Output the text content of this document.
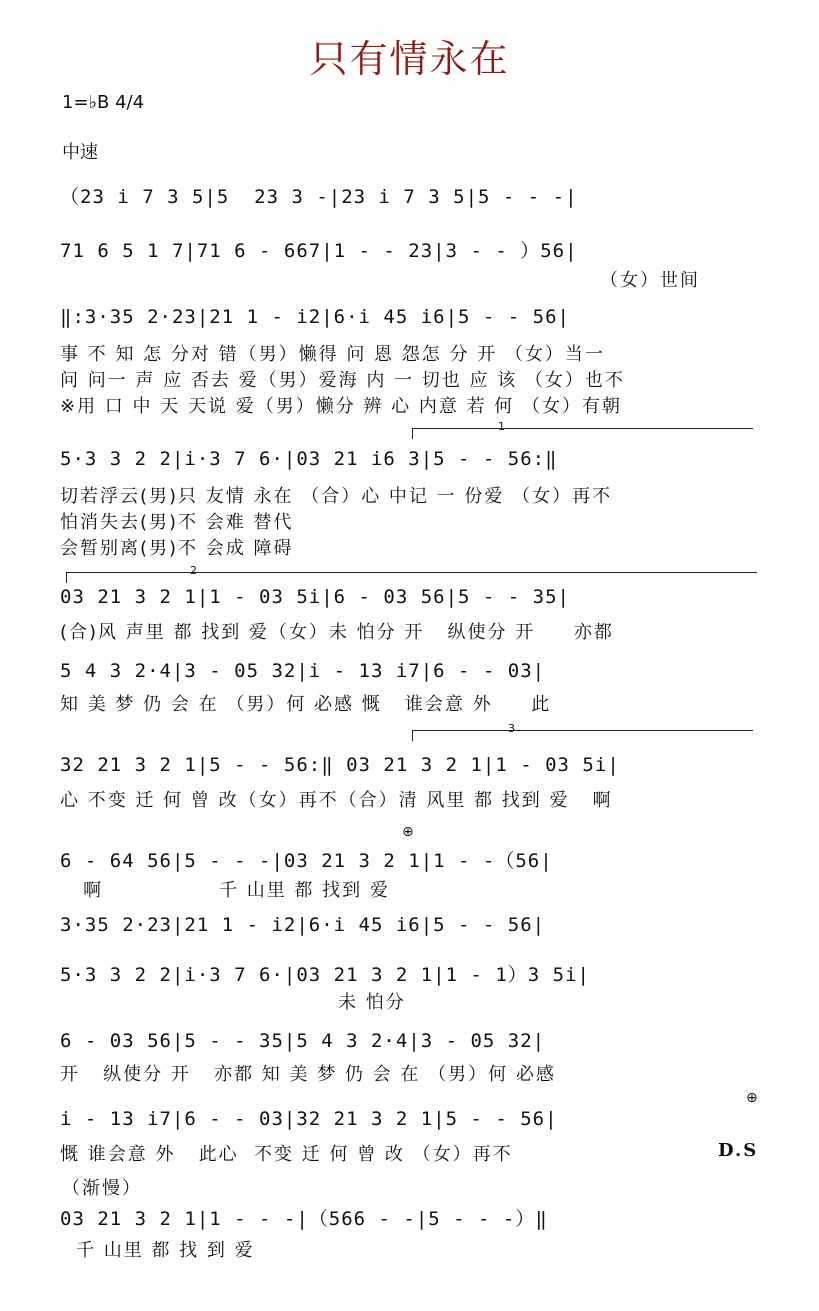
只有情永在
1=♭B 4/4
中速
（23 i 7 3 5|5  23 3 -|23 i 7 3 5|5 - - -|
71 6 5 1 7|71 6 - 667|1 - - 23|3 - - ）56|
（女）世间
‖:3·35 2·23|21 1 - i2|6·i 45 i6|5 - - 56|
事 不 知 怎 分对 错（男）懒得 问 恩 怨怎 分 开 （女）当一
问 问一 声 应 否去 爱（男）爱海 内 一 切也 应 该 （女）也不
※用 口 中 天 天说 爱（男）懒分 辨 心 内意 若 何 （女）有朝
1
5·3 3 2 2|i·3 7 6·|03 21 i6 3|5 - - 56:‖
切若浮云(男)只 友情 永在 （合）心 中记 一 份爱 （女）再不
怕消失去(男)不 会难 替代
会暂别离(男)不 会成 障碍
2
03 21 3 2 1|1 - 03 5i|6 - 03 56|5 - - 35|
(合)风 声里 都 找到 爱（女）未 怕分 开   纵使分 开     亦都
5 4 3 2·4|3 - 05 32|i - 13 i7|6 - - 03|
知 美 梦 仍 会 在 （男）何 必感 慨   谁会意 外     此
3
32 21 3 2 1|5 - - 56:‖ 03 21 3 2 1|1 - 03 5i|
心 不变 迁 何 曾 改（女）再不（合）清 风里 都 找到 爱   啊
⊕
6 - 64 56|5 - - -|03 21 3 2 1|1 - -（56|
啊               千 山里 都 找到 爱
3·35 2·23|21 1 - i2|6·i 45 i6|5 - - 56|
5·3 3 2 2|i·3 7 6·|03 21 3 2 1|1 - 1）3 5i|
未 怕分
6 - 03 56|5 - - 35|5 4 3 2·4|3 - 05 32|
开   纵使分 开   亦都 知 美 梦 仍 会 在 （男）何 必感
⊕
i - 13 i7|6 - - 03|32 21 3 2 1|5 - - 56|
慨 谁会意 外   此心  不变 迁 何 曾 改 （女）再不	D.S
（渐慢）
03 21 3 2 1|1 - - -|（566 - -|5 - - -）‖
千 山里 都 找 到 爱
